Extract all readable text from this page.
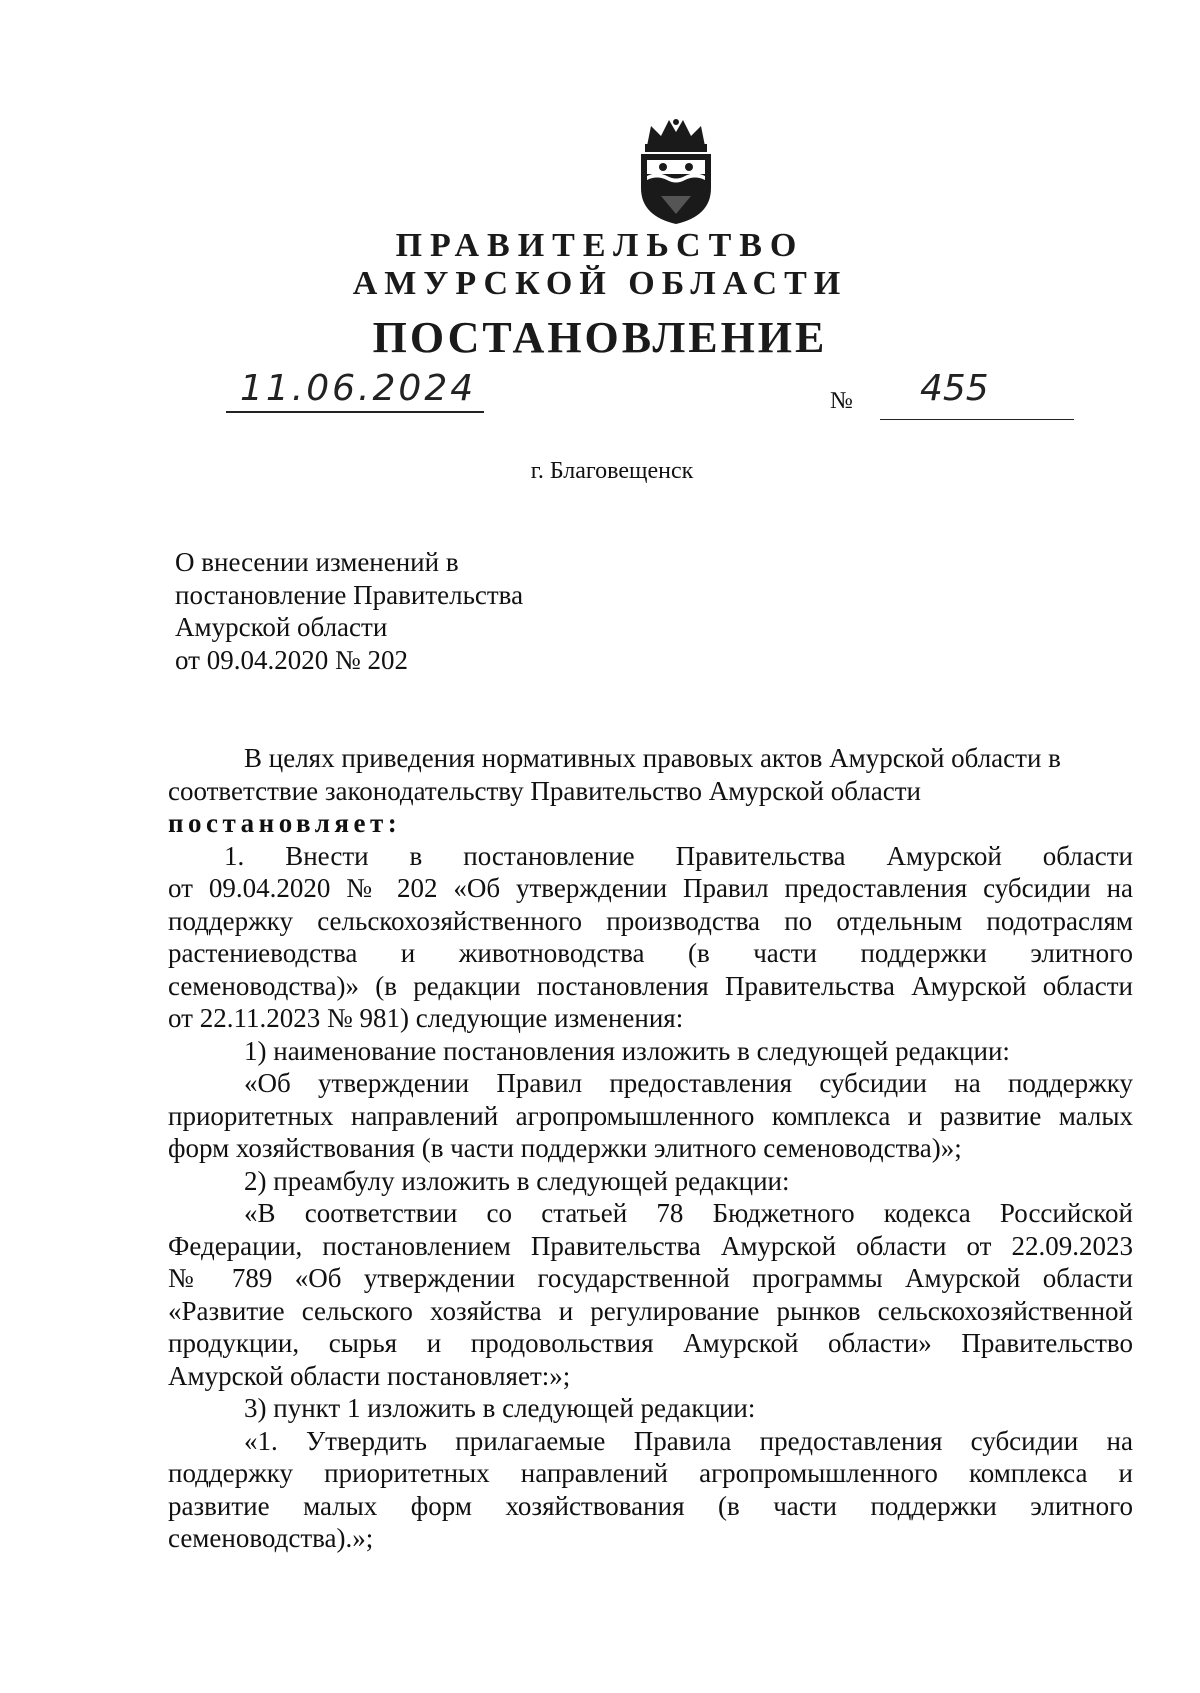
ПРАВИТЕЛЬСТВО
АМУРСКОЙ ОБЛАСТИ
ПОСТАНОВЛЕНИЕ
11.06.2024	№ 455
г. Благовещенск
О внесении изменений в
постановление Правительства
Амурской области
от 09.04.2020 № 202

В целях приведения нормативных правовых актов Амурской области в

соответствие законодательству Правительство Амурской области

постановляет:

1. Внести в постановление Правительства Амурской области

от 09.04.2020 № 202 «Об утверждении Правил предоставления субсидии на

поддержку сельскохозяйственного производства по отдельным подотраслям

растениеводства и животноводства (в части поддержки элитного

семеноводства)» (в редакции постановления Правительства Амурской области

от 22.11.2023 № 981) следующие изменения:

1) наименование постановления изложить в следующей редакции:

«Об утверждении Правил предоставления субсидии на поддержку

приоритетных направлений агропромышленного комплекса и развитие малых

форм хозяйствования (в части поддержки элитного семеноводства)»;

2) преамбулу изложить в следующей редакции:

«В соответствии со статьей 78 Бюджетного кодекса Российской

Федерации, постановлением Правительства Амурской области от 22.09.2023

№ 789 «Об утверждении государственной программы Амурской области

«Развитие сельского хозяйства и регулирование рынков сельскохозяйственной

продукции, сырья и продовольствия Амурской области» Правительство

Амурской области постановляет:»;

3) пункт 1 изложить в следующей редакции:

«1. Утвердить прилагаемые Правила предоставления субсидии на

поддержку приоритетных направлений агропромышленного комплекса и

развитие малых форм хозяйствования (в части поддержки элитного

семеноводства).»;
